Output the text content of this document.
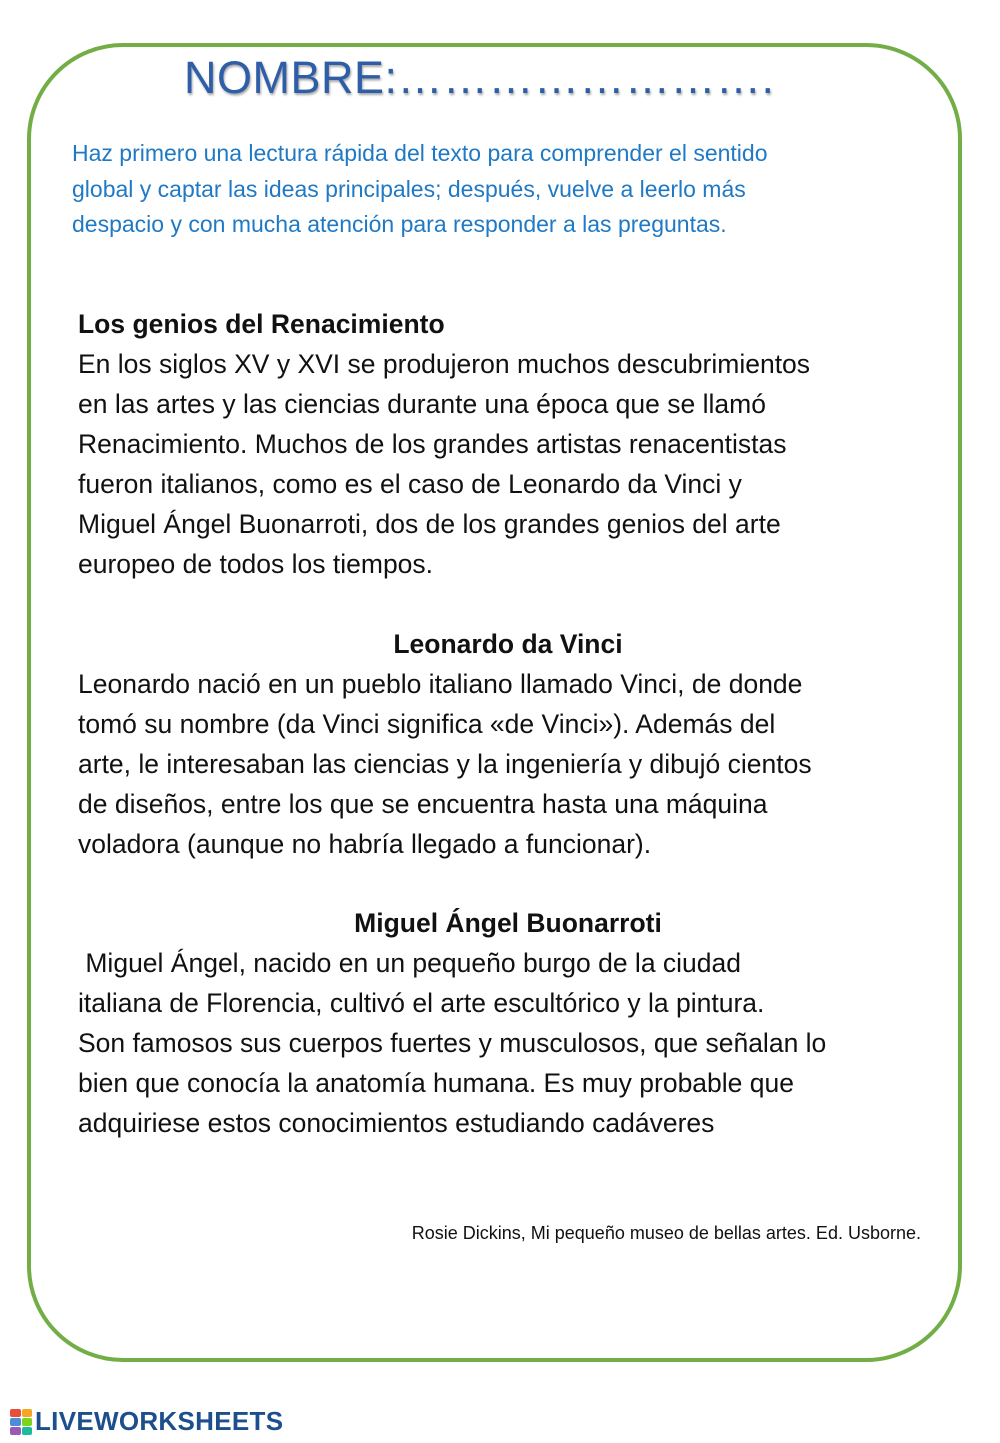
NOMBRE:…………………….
Haz primero una lectura rápida del texto para comprender el sentido
global y captar las ideas principales; después, vuelve a leerlo más
despacio y con mucha atención para responder a las preguntas.
Los genios del Renacimiento
En los siglos XV y XVI se produjeron muchos descubrimientos
en las artes y las ciencias durante una época que se llamó
Renacimiento. Muchos de los grandes artistas renacentistas
fueron italianos, como es el caso de Leonardo da Vinci y
Miguel Ángel Buonarroti, dos de los grandes genios del arte
europeo de todos los tiempos.
Leonardo da Vinci
Leonardo nació en un pueblo italiano llamado Vinci, de donde
tomó su nombre (da Vinci significa «de Vinci»). Además del
arte, le interesaban las ciencias y la ingeniería y dibujó cientos
de diseños, entre los que se encuentra hasta una máquina
voladora (aunque no habría llegado a funcionar).
Miguel Ángel Buonarroti
Miguel Ángel, nacido en un pequeño burgo de la ciudad
italiana de Florencia, cultivó el arte escultórico y la pintura.
Son famosos sus cuerpos fuertes y musculosos, que señalan lo
bien que conocía la anatomía humana. Es muy probable que
adquiriese estos conocimientos estudiando cadáveres
Rosie Dickins, Mi pequeño museo de bellas artes. Ed. Usborne.
LIVEWORKSHEETS
